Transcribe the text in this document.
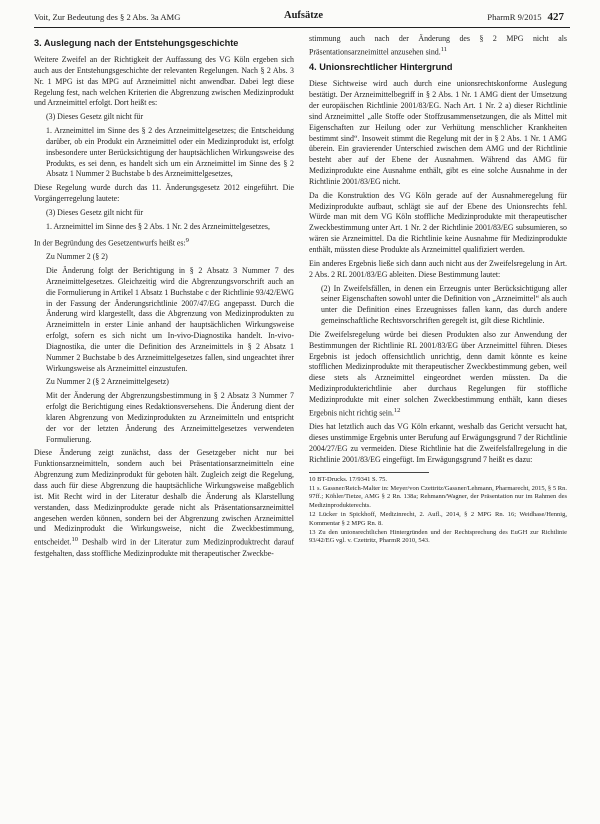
Voit, Zur Bedeutung des § 2 Abs. 3a AMG	Aufsätze	PharmR 9/2015 427
3. Auslegung nach der Entstehungsgeschichte

Weitere Zweifel an der Richtigkeit der Auffassung des VG Köln ergeben sich auch aus der Entstehungsgeschichte der relevanten Regelungen. Nach § 2 Abs. 3 Nr. 1 MPG ist das MPG auf Arzneimittel nicht anwendbar. Dabei legt diese Regelung fest, nach welchen Kriterien die Abgrenzung zwischen Medizinprodukt und Arzneimittel erfolgt. Dort heißt es:

(3) Dieses Gesetz gilt nicht für

1. Arzneimittel im Sinne des § 2 des Arzneimittelgesetzes; die Entscheidung darüber, ob ein Produkt ein Arzneimittel oder ein Medizinprodukt ist, erfolgt insbesondere unter Berücksichtigung der hauptsächlichen Wirkungsweise des Produkts, es sei denn, es handelt sich um ein Arzneimittel im Sinne des § 2 Absatz 1 Nummer 2 Buchstabe b des Arzneimittelgesetzes,

Diese Regelung wurde durch das 11. Änderungsgesetz 2012 eingeführt. Die Vorgängerregelung lautete:

(3) Dieses Gesetz gilt nicht für

1. Arzneimittel im Sinne des § 2 Abs. 1 Nr. 2 des Arzneimittelgesetzes,

In der Begründung des Gesetzentwurfs heißt es:$^9$

Zu Nummer 2 (§ 2)

Die Änderung folgt der Berichtigung in § 2 Absatz 3 Nummer 7 des Arzneimittelgesetzes. Gleichzeitig wird die Abgrenzungsvorschrift auch an die Formulierung in Artikel 1 Absatz 1 Buchstabe c der Richtlinie 93/42/EWG in der Fassung der Änderungsrichtlinie 2007/47/EG angepasst. Durch die Änderung wird klargestellt, dass die Abgrenzung von Medizinprodukten zu Arzneimitteln in erster Linie anhand der hauptsächlichen Wirkungsweise erfolgt, sofern es sich nicht um In-vivo-Diagnostika handelt. In-vivo-Diagnostika, die unter die Definition des Arzneimittels in § 2 Absatz 1 Nummer 2 Buchstabe b des Arzneimittelgesetzes fallen, sind ungeachtet ihrer Wirkungsweise als Arzneimittel einzustufen.

Zu Nummer 2 (§ 2 Arzneimittelgesetz)

Mit der Änderung der Abgrenzungsbestimmung in § 2 Absatz 3 Nummer 7 erfolgt die Berichtigung eines Redaktionsversehens. Die Änderung dient der klaren Abgrenzung von Medizinprodukten zu Arzneimitteln und entspricht der vor der letzten Änderung des Arzneimittelgesetzes verwendeten Formulierung.

Diese Änderung zeigt zunächst, dass der Gesetzgeber nicht nur bei Funktionsarzneimitteln, sondern auch bei Präsentationsarzneimitteln eine Abgrenzung zum Medizinprodukt für geboten hält. Zugleich zeigt die Regelung, dass auch für diese Abgrenzung die hauptsächliche Wirkungsweise maßgeblich ist. Mit Recht wird in der Literatur deshalb die Änderung als Klarstellung verstanden, dass Medizinprodukte gerade nicht als Präsentationsarzneimittel angesehen werden können, sondern bei der Abgrenzung zwischen Arzneimittel und Medizinprodukt die Wirkungsweise, nicht die Zweckbestimmung, entscheidet.$^{10}$ Deshalb wird in der Literatur zum Medizinproduktrecht darauf festgehalten, dass stoffliche Medizinprodukte mit therapeutischer Zweckbe-

stimmung auch nach der Änderung des § 2 MPG nicht als Präsentationsarzneimittel anzusehen sind.$^{11}$

4. Unionsrechtlicher Hintergrund

Diese Sichtweise wird auch durch eine unionsrechtskonforme Auslegung bestätigt. Der Arzneimittelbegriff in § 2 Abs. 1 Nr. 1 AMG dient der Umsetzung der europäischen Richtlinie 2001/83/EG. Nach Art. 1 Nr. 2 a) dieser Richtlinie sind Arzneimittel „alle Stoffe oder Stoffzusammensetzungen, die als Mittel mit Eigenschaften zur Heilung oder zur Verhütung menschlicher Krankheiten bestimmt sind“. Insoweit stimmt die Regelung mit der in § 2 Abs. 1 Nr. 1 AMG überein. Ein gravierender Unterschied zwischen dem AMG und der Richtlinie besteht aber auf der Ebene der Ausnahmen. Während das AMG für Medizinprodukte eine Ausnahme enthält, gibt es eine solche Ausnahme in der Richtlinie 2001/83/EG nicht.

Da die Konstruktion des VG Köln gerade auf der Ausnahmeregelung für Medizinprodukte aufbaut, schlägt sie auf der Ebene des Unionsrechts fehl. Würde man mit dem VG Köln stoffliche Medizinprodukte mit therapeutischer Zweckbestimmung unter Art. 1 Nr. 2 der Richtlinie 2001/83/EG subsumieren, so wären sie Arzneimittel. Da die Richtlinie keine Ausnahme für Medizinprodukte enthält, müssten diese Produkte als Arzneimittel qualifiziert werden.

Ein anderes Ergebnis ließe sich dann auch nicht aus der Zweifelsregelung in Art. 2 Abs. 2 RL 2001/83/EG ableiten. Diese Bestimmung lautet:

(2) In Zweifelsfällen, in denen ein Erzeugnis unter Berücksichtigung aller seiner Eigenschaften sowohl unter die Definition von „Arzneimittel“ als auch unter die Definition eines Erzeugnisses fallen kann, das durch andere gemeinschaftliche Rechtsvorschriften geregelt ist, gilt diese Richtlinie.

Die Zweifelsregelung würde bei diesen Produkten also zur Anwendung der Bestimmungen der Richtlinie RL 2001/83/EG über Arzneimittel führen. Dieses Ergebnis ist jedoch offensichtlich unrichtig, denn damit könnte es keine stofflichen Medizinprodukte mit therapeutischer Zweckbestimmung geben, weil diese stets als Arzneimittel eingeordnet werden müssten. Da die Medizinprodukterichtlinie aber durchaus Regelungen für stoffliche Medizinprodukte mit einer solchen Zweckbestimmung enthält, kann dieses Ergebnis nicht richtig sein.$^{12}$

Dies hat letztlich auch das VG Köln erkannt, weshalb das Gericht versucht hat, dieses unstimmige Ergebnis unter Berufung auf Erwägungsgrund 7 der Richtlinie 2004/27/EG zu vermeiden. Diese Richtlinie hat die Zweifelsfallregelung in die Richtlinie 2001/83/EG eingefügt. Im Erwägungsgrund 7 heißt es dazu:

10 BT-Drucks. 17/9341 S. 75.
11 s. Gassner/Reich-Malter in: Meyer/von Czettritz/Gassner/Lehmann, Pharmarecht, 2015, § 5 Rn. 97ff.; Köhler/Tietze, AMG § 2 Rn. 138a; Rehmann/Wagner, der Präsentation nur im Rahmen des Medizinprodukterechts.
12 Lücker in Spickhoff, Medizinrecht, 2. Aufl., 2014, § 2 MPG Rn. 16; Weidhase/Hennig, Kommentar § 2 MPG Rn. 8.
13 Zu den unionsrechtlichen Hintergründen und der Rechtsprechung des EuGH zur Richtlinie 93/42/EG vgl. v. Czettritz, PharmR 2010, 543.
